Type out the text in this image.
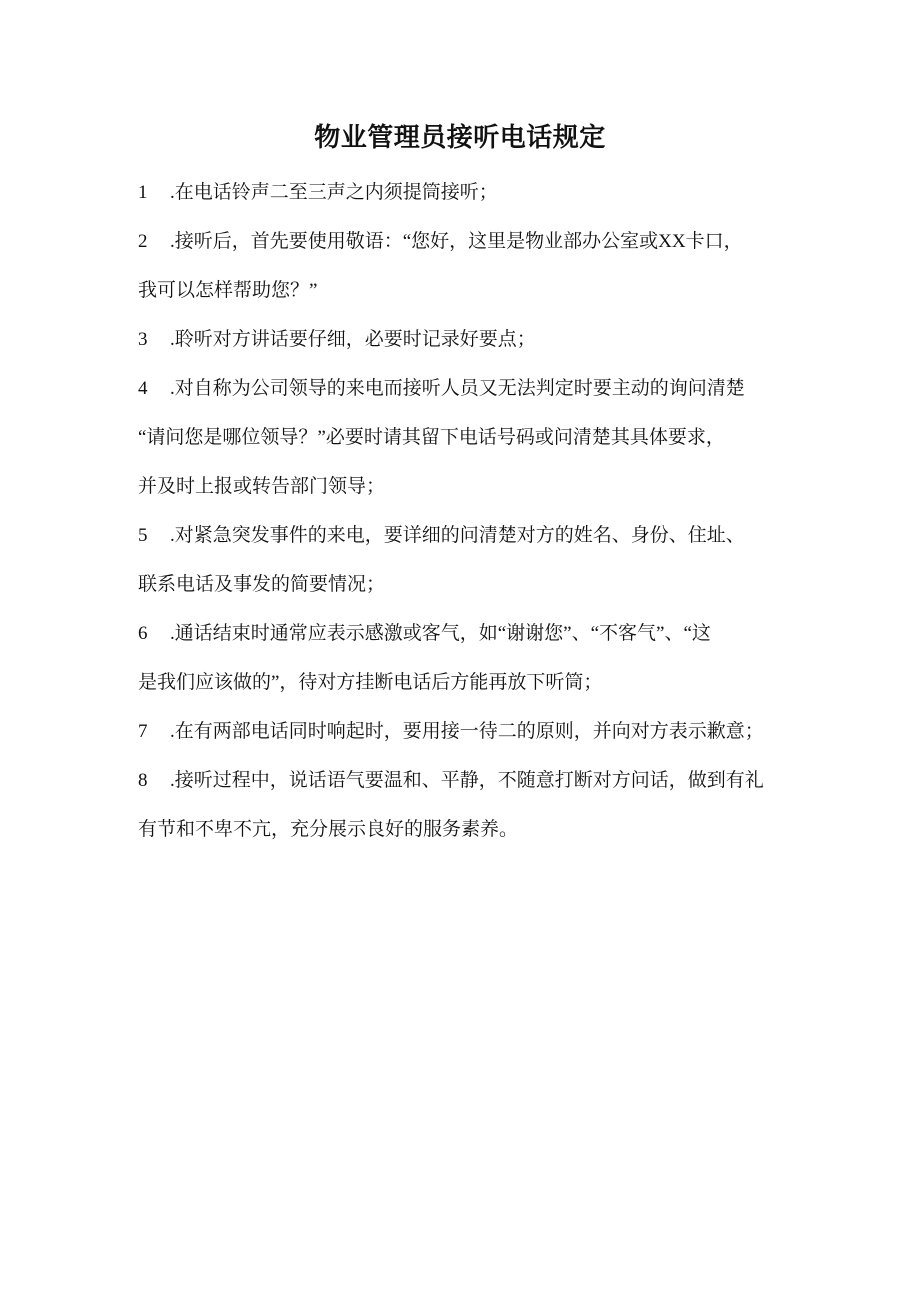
物业管理员接听电话规定

1 .在电话铃声二至三声之内须提筒接听；

2 .接听后，首先要使用敬语：“您好，这里是物业部办公室或XX卡口，

我可以怎样帮助您？”

3 .聆听对方讲话要仔细，必要时记录好要点；

4 .对自称为公司领导的来电而接听人员又无法判定时要主动的询问清楚

“请问您是哪位领导？”必要时请其留下电话号码或问清楚其具体要求，

并及时上报或转告部门领导；

5 .对紧急突发事件的来电，要详细的问清楚对方的姓名、身份、住址、

联系电话及事发的简要情况；

6 .通话结束时通常应表示感激或客气，如“谢谢您”、“不客气”、“这

是我们应该做的”，待对方挂断电话后方能再放下听筒；

7 .在有两部电话同时响起时，要用接一待二的原则，并向对方表示歉意；

8 .接听过程中，说话语气要温和、平静，不随意打断对方问话，做到有礼

有节和不卑不亢，充分展示良好的服务素养。
